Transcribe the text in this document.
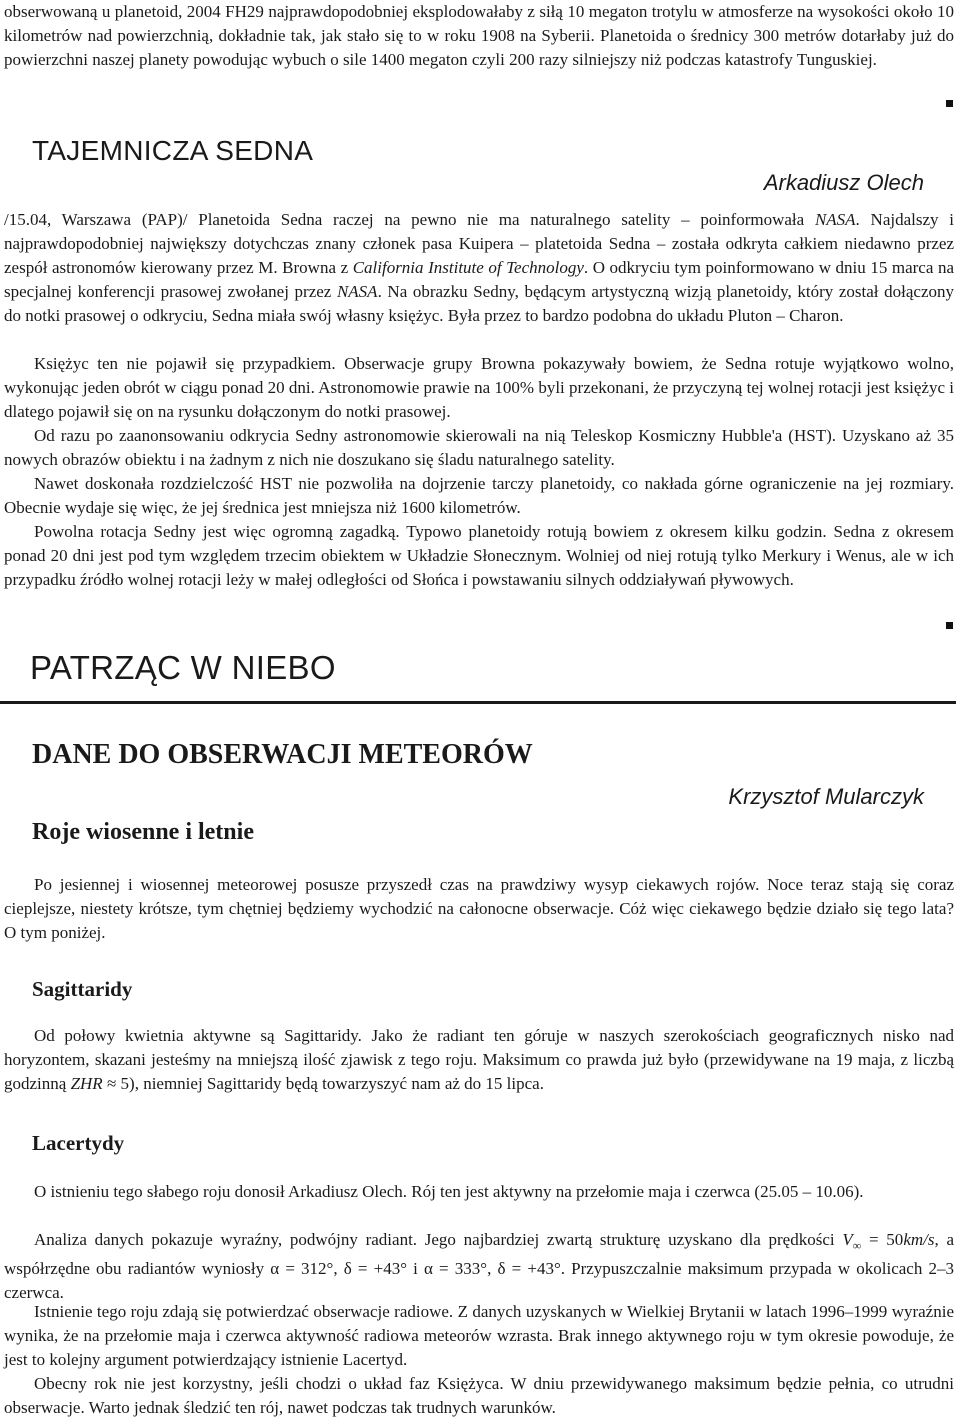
obserwowaną u planetoid, 2004 FH29 najprawdopodobniej eksplodowałaby z siłą 10 megaton trotylu w atmosferze na wysokości około 10 kilometrów nad powierzchnią, dokładnie tak, jak stało się to w roku 1908 na Syberii. Planetoida o średnicy 300 metrów dotarłaby już do powierzchni naszej planety powodując wybuch o sile 1400 megaton czyli 200 razy silniejszy niż podczas katastrofy Tunguskiej.

TAJEMNICZA SEDNA
Arkadiusz Olech

/15.04, Warszawa (PAP)/ Planetoida Sedna raczej na pewno nie ma naturalnego satelity – poinformowała NASA. Najdalszy i najprawdopodobniej największy dotychczas znany członek pasa Kuipera – platetoida Sedna – została odkryta całkiem niedawno przez zespół astronomów kierowany przez M. Browna z California Institute of Technology. O odkryciu tym poinformowano w dniu 15 marca na specjalnej konferencji prasowej zwołanej przez NASA. Na obrazku Sedny, będącym artystyczną wizją planetoidy, który został dołączony do notki prasowej o odkryciu, Sedna miała swój własny księżyc. Była przez to bardzo podobna do układu Pluton – Charon.

Księżyc ten nie pojawił się przypadkiem. Obserwacje grupy Browna pokazywały bowiem, że Sedna rotuje wyjątkowo wolno, wykonując jeden obrót w ciągu ponad 20 dni. Astronomowie prawie na 100% byli przekonani, że przyczyną tej wolnej rotacji jest księżyc i dlatego pojawił się on na rysunku dołączonym do notki prasowej.

Od razu po zaanonsowaniu odkrycia Sedny astronomowie skierowali na nią Teleskop Kosmiczny Hubble'a (HST). Uzyskano aż 35 nowych obrazów obiektu i na żadnym z nich nie doszukano się śladu naturalnego satelity.

Nawet doskonała rozdzielczość HST nie pozwoliła na dojrzenie tarczy planetoidy, co nakłada górne ograniczenie na jej rozmiary. Obecnie wydaje się więc, że jej średnica jest mniejsza niż 1600 kilometrów.

Powolna rotacja Sedny jest więc ogromną zagadką. Typowo planetoidy rotują bowiem z okresem kilku godzin. Sedna z okresem ponad 20 dni jest pod tym względem trzecim obiektem w Układzie Słonecznym. Wolniej od niej rotują tylko Merkury i Wenus, ale w ich przypadku źródło wolnej rotacji leży w małej odległości od Słońca i powstawaniu silnych oddziaływań pływowych.

PATRZĄC W NIEBO
DANE DO OBSERWACJI METEORÓW
Krzysztof Mularczyk
Roje wiosenne i letnie

Po jesiennej i wiosennej meteorowej posusze przyszedł czas na prawdziwy wysyp ciekawych rojów. Noce teraz stają się coraz cieplejsze, niestety krótsze, tym chętniej będziemy wychodzić na całonocne obserwacje. Cóż więc ciekawego będzie działo się tego lata? O tym poniżej.

Sagittaridy

Od połowy kwietnia aktywne są Sagittaridy. Jako że radiant ten góruje w naszych szerokościach geograficznych nisko nad horyzontem, skazani jesteśmy na mniejszą ilość zjawisk z tego roju. Maksimum co prawda już było (przewidywane na 19 maja, z liczbą godzinną ZHR ≈ 5), niemniej Sagittaridy będą towarzyszyć nam aż do 15 lipca.

Lacertydy

O istnieniu tego słabego roju donosił Arkadiusz Olech. Rój ten jest aktywny na przełomie maja i czerwca (25.05 – 10.06).

Analiza danych pokazuje wyraźny, podwójny radiant. Jego najbardziej zwartą strukturę uzyskano dla prędkości $V_\infty = 50km/s$, a współrzędne obu radiantów wyniosły α = 312°, δ = +43° i α = 333°, δ = +43°. Przypuszczalnie maksimum przypada w okolicach 2–3 czerwca.

Istnienie tego roju zdają się potwierdzać obserwacje radiowe. Z danych uzyskanych w Wielkiej Brytanii w latach 1996–1999 wyraźnie wynika, że na przełomie maja i czerwca aktywność radiowa meteorów wzrasta. Brak innego aktywnego roju w tym okresie powoduje, że jest to kolejny argument potwierdzający istnienie Lacertyd.

Obecny rok nie jest korzystny, jeśli chodzi o układ faz Księżyca. W dniu przewidywanego maksimum będzie pełnia, co utrudni obserwacje. Warto jednak śledzić ten rój, nawet podczas tak trudnych warunków.
